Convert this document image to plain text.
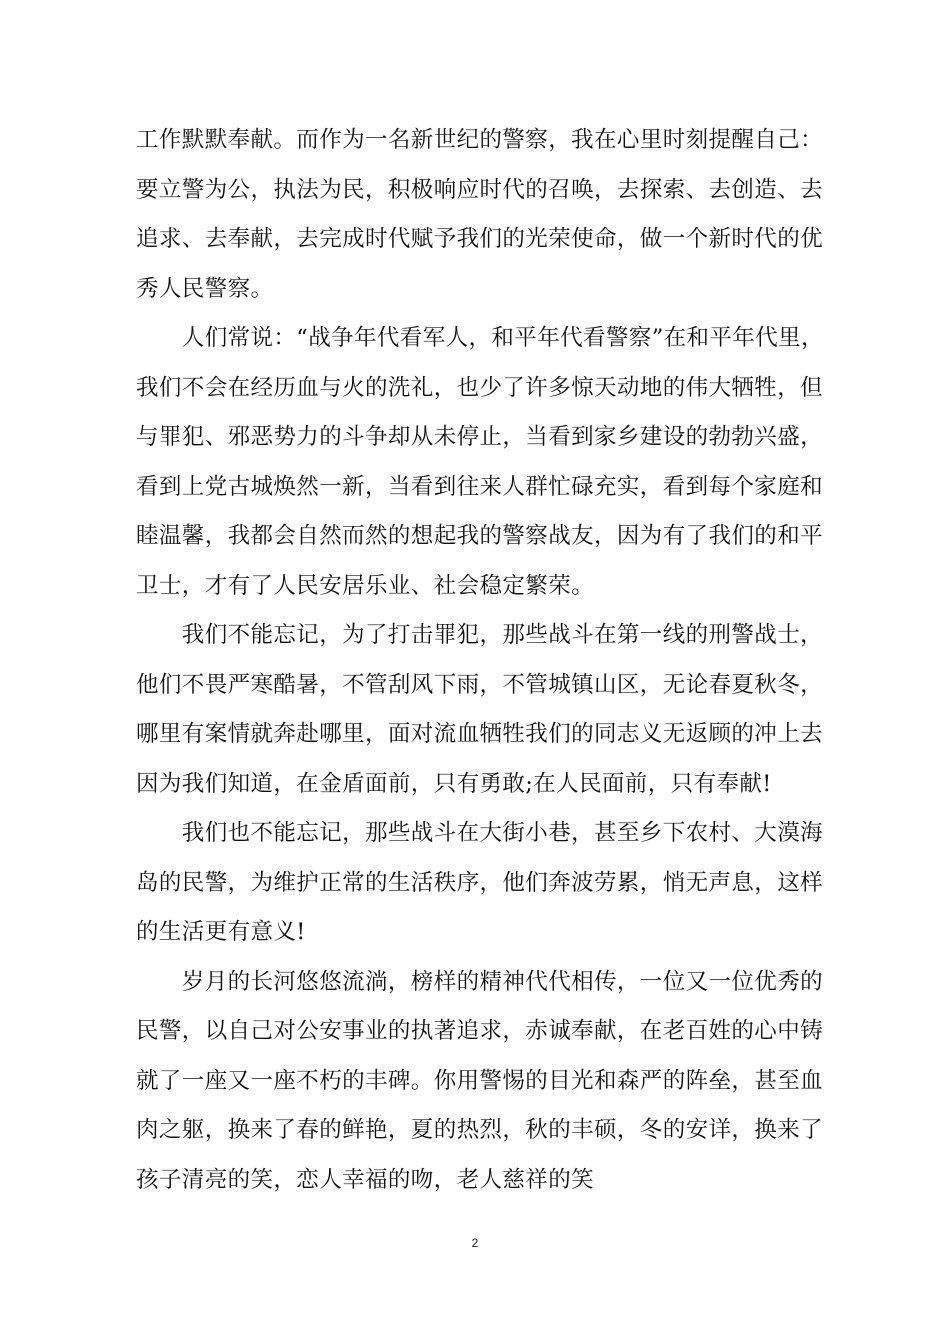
工作默默奉献。而作为一名新世纪的警察，我在心里时刻提醒自己：
要立警为公，执法为民，积极响应时代的召唤，去探索、去创造、去
追求、去奉献，去完成时代赋予我们的光荣使命，做一个新时代的优
秀人民警察。
　　人们常说：“战争年代看军人，和平年代看警察”在和平年代里，
我们不会在经历血与火的洗礼，也少了许多惊天动地的伟大牺牲，但
与罪犯、邪恶势力的斗争却从未停止，当看到家乡建设的勃勃兴盛，
看到上党古城焕然一新，当看到往来人群忙碌充实，看到每个家庭和
睦温馨，我都会自然而然的想起我的警察战友，因为有了我们的和平
卫士，才有了人民安居乐业、社会稳定繁荣。
　　我们不能忘记，为了打击罪犯，那些战斗在第一线的刑警战士，
他们不畏严寒酷暑，不管刮风下雨，不管城镇山区，无论春夏秋冬，
哪里有案情就奔赴哪里，面对流血牺牲我们的同志义无返顾的冲上去
因为我们知道，在金盾面前，只有勇敢;在人民面前，只有奉献!
　　我们也不能忘记，那些战斗在大街小巷，甚至乡下农村、大漠海
岛的民警，为维护正常的生活秩序，他们奔波劳累，悄无声息，这样
的生活更有意义!
　　岁月的长河悠悠流淌，榜样的精神代代相传，一位又一位优秀的
民警，以自己对公安事业的执著追求，赤诚奉献，在老百姓的心中铸
就了一座又一座不朽的丰碑。你用警惕的目光和森严的阵垒，甚至血
肉之躯，换来了春的鲜艳，夏的热烈，秋的丰硕，冬的安详，换来了
孩子清亮的笑，恋人幸福的吻，老人慈祥的笑
2
